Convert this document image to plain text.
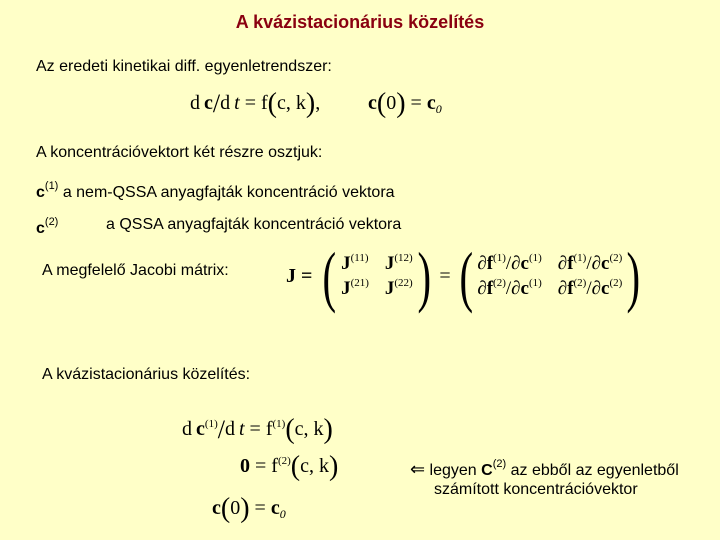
A kvázistacionárius közelítés
Az eredeti kinetikai diff. egyenletrendszer:
d c/d t = f(c, k), $c(0) = c_0$
A koncentrációvektort két részre osztjuk:
$c^{(1)}$ a nem-QSSA anyagfajták koncentráció vektora
$c^{(2)}$	a QSSA anyagfajták koncentráció vektora
A megfelelő Jacobi mátrix:	J = ( $J^{(11)}$ $J^{(12)}$
$J^{(21)}$ $J^{(22)}$ ) = ( $\partial f^{(1)}/\partial c^{(1)}$ $\partial f^{(1)}/\partial c^{(2)}$
$\partial f^{(2)}/\partial c^{(1)}$ $\partial f^{(2)}/\partial c^{(2)}$ )
A kvázistacionárius közelítés:
d $c^{(1)}/d$ $t = f^{(1)}(c$, k)
$0 = f^{(2)}(c$, k)
$c(0) = c_0$
⇐ legyen $C^{(2)}$ az ebből az egyenletből
számított koncentrációvektor
